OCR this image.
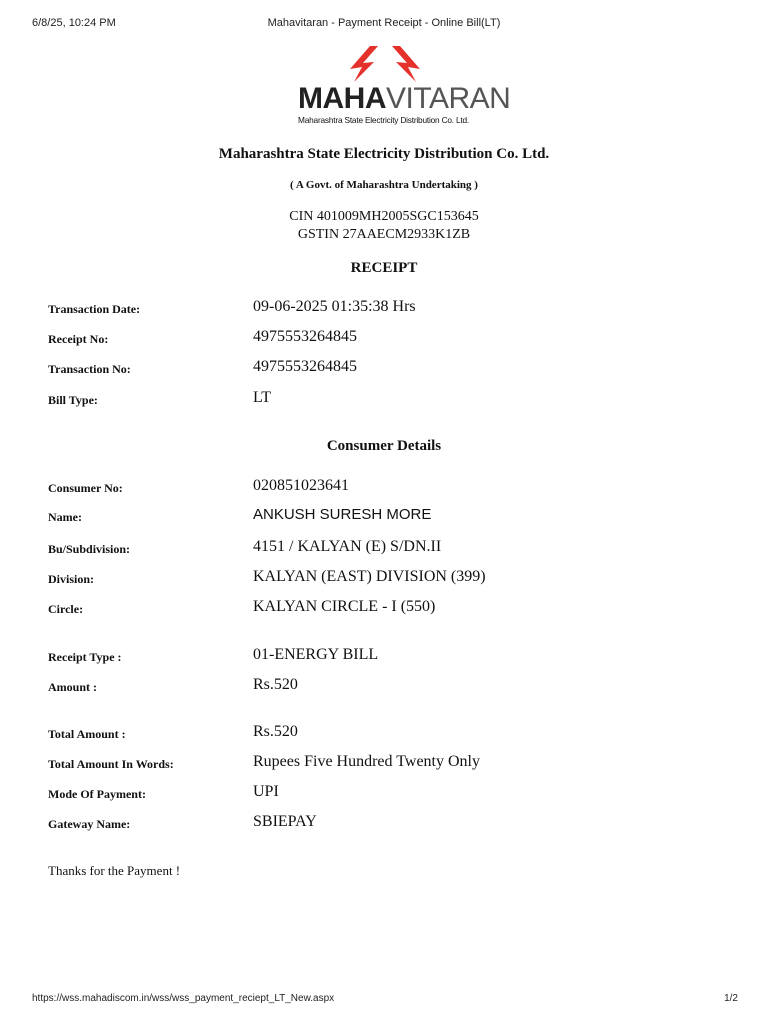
6/8/25, 10:24 PM	Mahavitaran - Payment Receipt - Online Bill(LT)
MAHAVITARAN
Maharashtra State Electricity Distribution Co. Ltd.
Maharashtra State Electricity Distribution Co. Ltd.
( A Govt. of Maharashtra Undertaking )
CIN 401009MH2005SGC153645
GSTIN 27AAECM2933K1ZB
RECEIPT
Transaction Date:	09-06-2025 01:35:38 Hrs
Receipt No:	4975553264845
Transaction No:	4975553264845
Bill Type:	LT
Consumer Details
Consumer No:	020851023641
Name:	ANKUSH SURESH MORE
Bu/Subdivision:	4151 / KALYAN (E) S/DN.II
Division:	KALYAN (EAST) DIVISION (399)
Circle:	KALYAN CIRCLE - I (550)
Receipt Type :	01-ENERGY BILL
Amount :	Rs.520
Total Amount :	Rs.520
Total Amount In Words:	Rupees Five Hundred Twenty Only
Mode Of Payment:	UPI
Gateway Name:	SBIEPAY
Thanks for the Payment !
https://wss.mahadiscom.in/wss/wss_payment_reciept_LT_New.aspx	1/2
